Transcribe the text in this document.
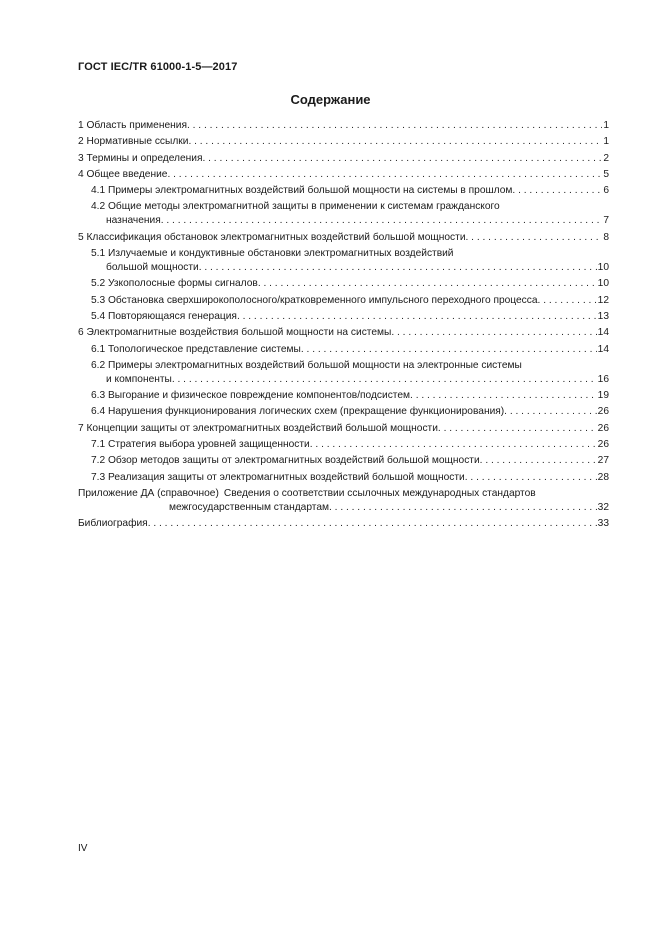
ГОСТ IEC/TR 61000-1-5—2017
Содержание
1 Область применения . . .	1
2 Нормативные ссылки . . .	1
3 Термины и определения . . .	2
4 Общее введение . . .	5
4.1 Примеры электромагнитных воздействий большой мощности на системы в прошлом . . .	6
4.2 Общие методы электромагнитной защиты в применении к системам гражданского
назначения . . .	7
5 Классификация обстановок электромагнитных воздействий большой мощности . . .	8
5.1 Излучаемые и кондуктивные обстановки электромагнитных воздействий
большой мощности . . .	10
5.2 Узкополосные формы сигналов . . .	10
5.3 Обстановка сверхширокополосного/кратковременного импульсного переходного процесса . . .	12
5.4 Повторяющаяся генерация . . .	13
6 Электромагнитные воздействия большой мощности на системы . . .	14
6.1 Топологическое представление системы . . .	14
6.2 Примеры электромагнитных воздействий большой мощности на электронные системы
и компоненты . . .	16
6.3 Выгорание и физическое повреждение компонентов/подсистем . . .	19
6.4 Нарушения функционирования логических схем (прекращение функционирования) . . .	26
7 Концепции защиты от электромагнитных воздействий большой мощности . . .	26
7.1 Стратегия выбора уровней защищенности . . .	26
7.2 Обзор методов защиты от электромагнитных воздействий большой мощности . . .	27
7.3 Реализация защиты от электромагнитных воздействий большой мощности . . .	28
Приложение ДА (справочное) Сведения о соответствии ссылочных международных стандартов
межгосударственным стандартам . . .	32
Библиография . . .	33
IV
